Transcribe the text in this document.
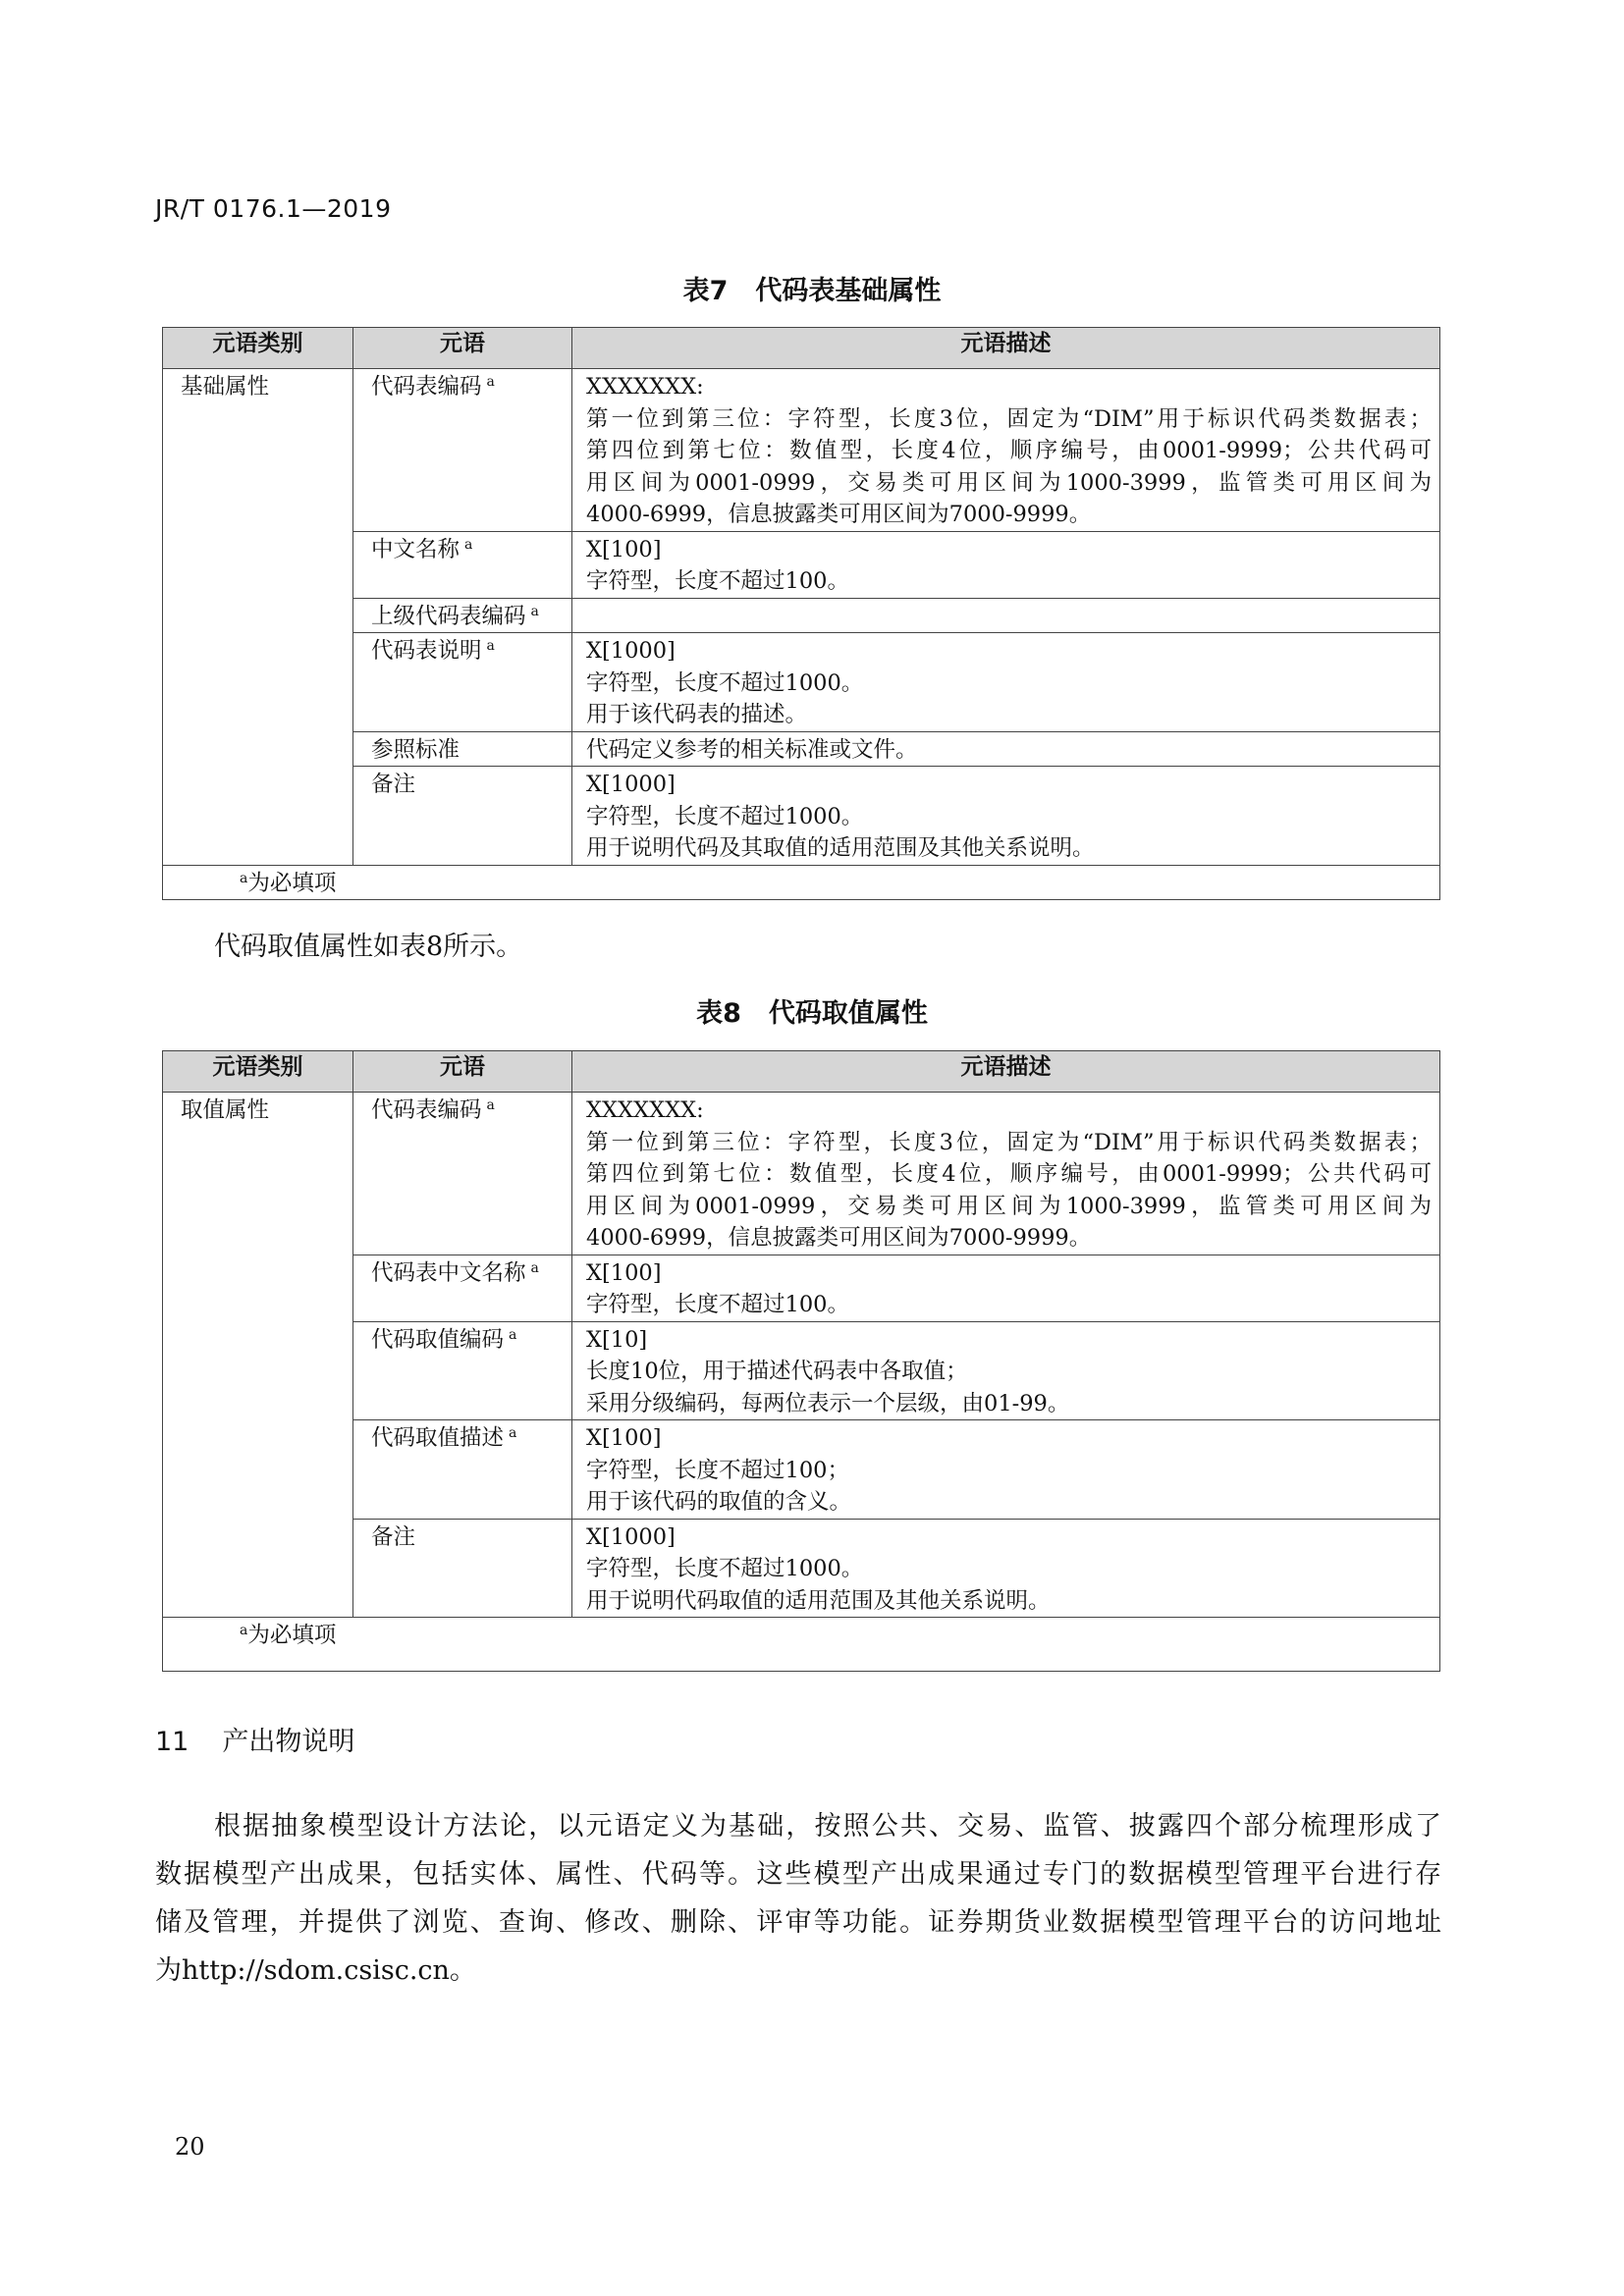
JR/T 0176.1—2019
表7 代码表基础属性
元语类别	元语	元语描述
基础属性	代码表编码 $^a$	XXXXXXX:
第一位到第三位：字符型，长度3位，固定为“DIM”用于标识代码类数据表；
第四位到第七位：数值型，长度4位，顺序编号，由0001-9999；公共代码可
用区间为0001-0999，交易类可用区间为1000-3999，监管类可用区间为
4000-6999，信息披露类可用区间为7000-9999。

	中文名称 $^a$	X[100]
字符型，长度不超过100。

	上级代码表编码 $^a$	
	代码表说明 $^a$	X[1000]
字符型，长度不超过1000。
用于该代码表的描述。

	参照标准	代码定义参考的相关标准或文件。

	备注	X[1000]
字符型，长度不超过1000。
用于说明代码及其取值的适用范围及其他关系说明。

$^a$为必填项		
代码取值属性如表8所示。
表8 代码取值属性
元语类别	元语	元语描述
取值属性	代码表编码 $^a$	XXXXXXX:
第一位到第三位：字符型，长度3位，固定为“DIM”用于标识代码类数据表；
第四位到第七位：数值型，长度4位，顺序编号，由0001-9999；公共代码可
用区间为0001-0999，交易类可用区间为1000-3999，监管类可用区间为
4000-6999，信息披露类可用区间为7000-9999。

	代码表中文名称 $^a$	X[100]
字符型，长度不超过100。

	代码取值编码 $^a$	X[10]
长度10位，用于描述代码表中各取值；
采用分级编码，每两位表示一个层级，由01-99。

	代码取值描述 $^a$	X[100]
字符型，长度不超过100；
用于该代码的取值的含义。

	备注	X[1000]
字符型，长度不超过1000。
用于说明代码取值的适用范围及其他关系说明。

$^a$为必填项		
11 产出物说明
根据抽象模型设计方法论，以元语定义为基础，按照公共、交易、监管、披露四个部分梳理形成了
数据模型产出成果，包括实体、属性、代码等。这些模型产出成果通过专门的数据模型管理平台进行存
储及管理，并提供了浏览、查询、修改、删除、评审等功能。证券期货业数据模型管理平台的访问地址
为http://sdom.csisc.cn。
20
